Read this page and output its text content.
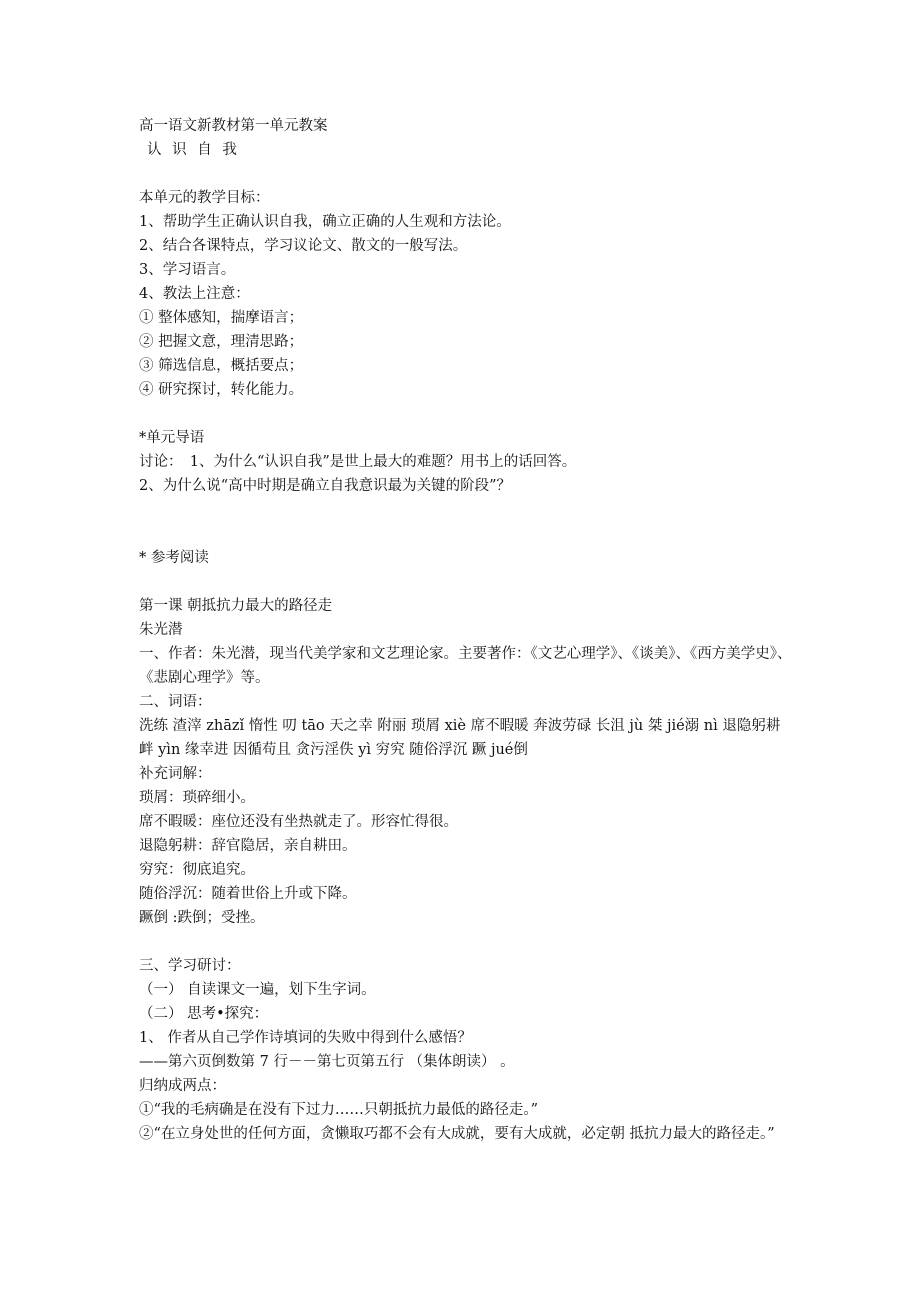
高一语文新教材第一单元教案
认 识 自 我
本单元的教学目标：
1、帮助学生正确认识自我，确立正确的人生观和方法论。
2、结合各课特点，学习议论文、散文的一般写法。
3、学习语言。
4、教法上注意：
① 整体感知，揣摩语言；
② 把握文意，理清思路；
③ 筛选信息，概括要点；
④ 研究探讨，转化能力。
*单元导语
讨论：　1、为什么“认识自我”是世上最大的难题？用书上的话回答。
2、为什么说“高中时期是确立自我意识最为关键的阶段”？
* 参考阅读
第一课 朝抵抗力最大的路径走
朱光潜
一、作者：朱光潜，现当代美学家和文艺理论家。主要著作：《文艺心理学》、《谈美》、《西方美学史》、《悲剧心理学》等。
二、词语：
洗练 渣滓 zhāzǐ 惰性 叨 tāo 天之幸 附丽 琐屑 xiè 席不暇暖 奔波劳碌 长沮 jù 桀 jié溺 nì 退隐躬耕 衅 yìn 缘幸进 因循苟且 贪污淫佚 yì 穷究 随俗浮沉 蹶 jué倒
补充词解：
琐屑：琐碎细小。
席不暇暖：座位还没有坐热就走了。形容忙得很。
退隐躬耕：辞官隐居，亲自耕田。
穷究：彻底追究。
随俗浮沉：随着世俗上升或下降。
蹶倒 :跌倒；受挫。
三、学习研讨：
（一） 自读课文一遍，划下生字词。
（二） 思考•探究：
1、 作者从自己学作诗填词的失败中得到什么感悟？
——第六页倒数第 7 行－－第七页第五行 （集体朗读） 。
归纳成两点：
①“我的毛病确是在没有下过力……只朝抵抗力最低的路径走。”
②“在立身处世的任何方面，贪懒取巧都不会有大成就，要有大成就，必定朝 抵抗力最大的路径走。”
